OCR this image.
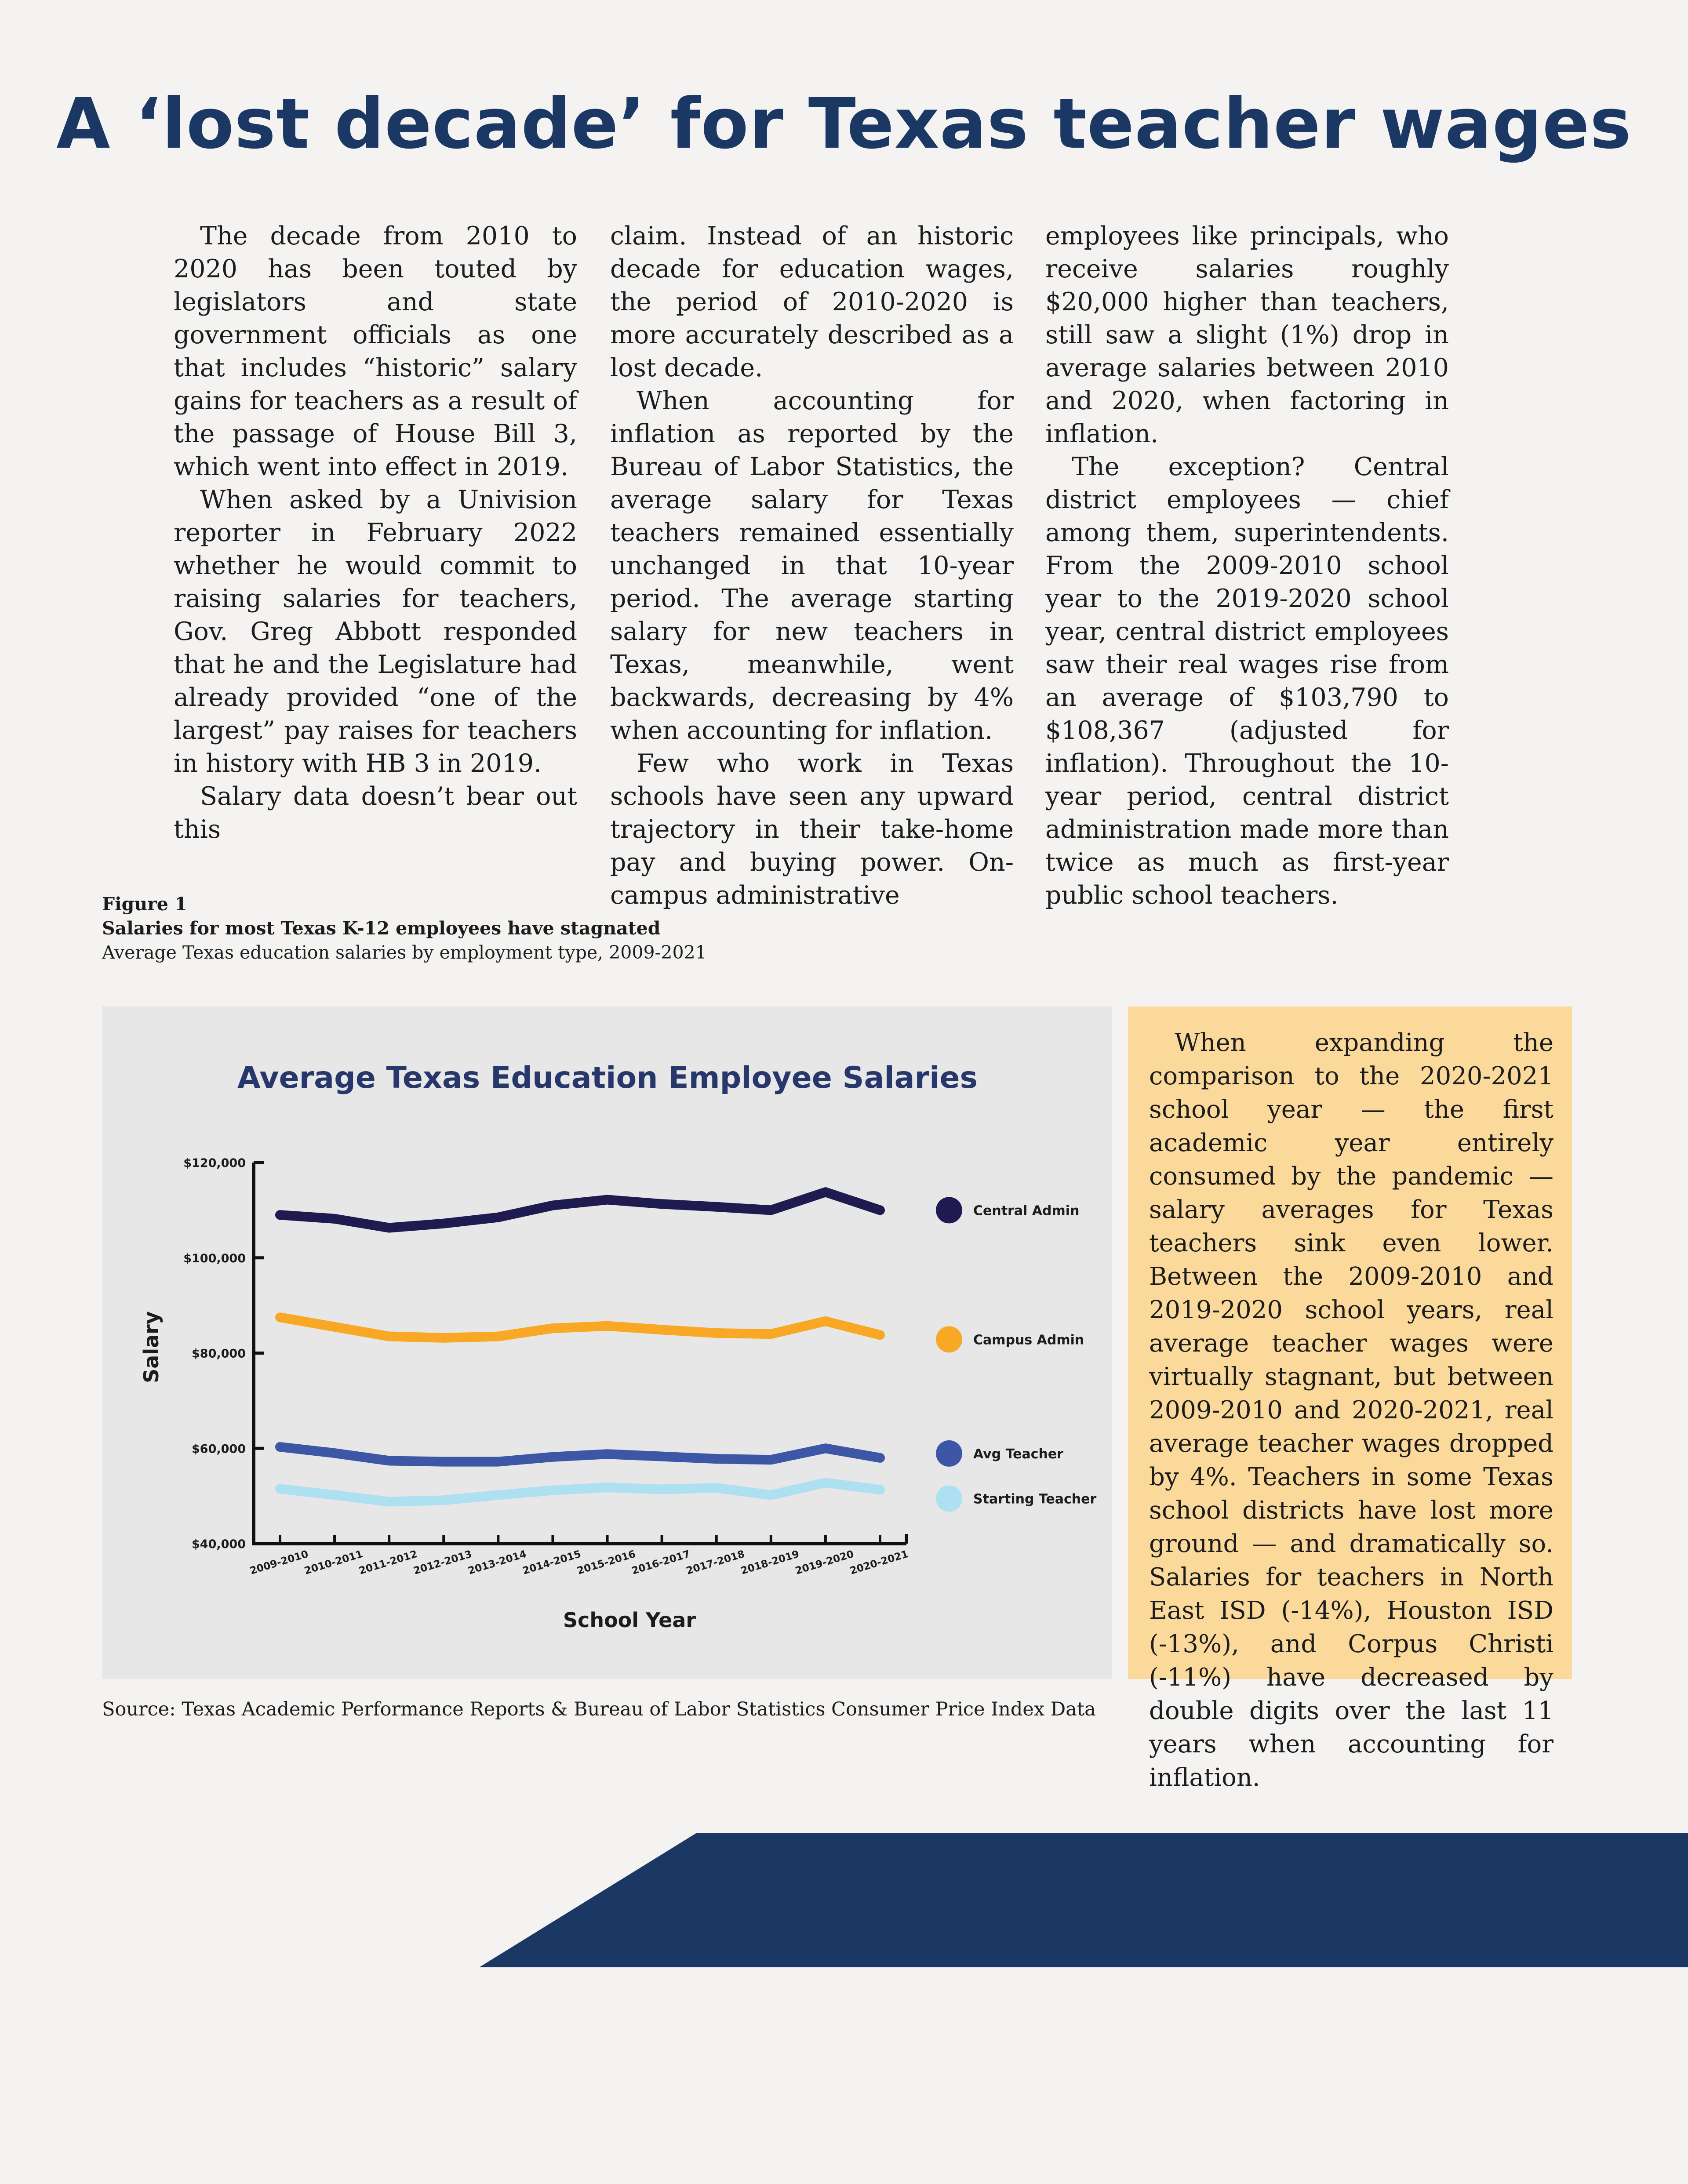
A ‘lost decade’ for Texas teacher wages

The decade from 2010 to 2020 has been touted by legislators and state government officials as one that includes “historic” salary gains for teachers as a result of the passage of House Bill 3, which went into effect in 2019.

When asked by a Univision reporter in February 2022 whether he would commit to raising salaries for teachers, Gov. Greg Abbott responded that he and the Legislature had already provided “one of the largest” pay raises for teachers in history with HB 3 in 2019.

Salary data doesn’t bear out this

claim. Instead of an historic decade for education wages, the period of 2010-2020 is more accurately described as a lost decade.

When accounting for inflation as reported by the Bureau of Labor Statistics, the average salary for Texas teachers remained essentially unchanged in that 10-year period. The average starting salary for new teachers in Texas, meanwhile, went backwards, decreasing by 4% when accounting for inflation.

Few who work in Texas schools have seen any upward trajectory in their take-home pay and buying power. On-campus administrative

employees like principals, who receive salaries roughly $20,000 higher than teachers, still saw a slight (1%) drop in average salaries between 2010 and 2020, when factoring in inflation.

The exception? Central district employees — chief among them, superintendents. From the 2009-2010 school year to the 2019-2020 school year, central district employees saw their real wages rise from an average of $103,790 to $108,367 (adjusted for inflation). Throughout the 10-year period, central district administration made more than twice as much as first-year public school teachers.

Figure 1
Salaries for most Texas K-12 employees have stagnated
Average Texas education salaries by employment type, 2009-2021
Average Texas Education Employee Salaries
$40,000
$60,000
$80,000
$100,000
$120,000
2009-2010
2010-2011
2011-2012
2012-2013
2013-2014
2014-2015
2015-2016
2016-2017
2017-2018
2018-2019
2019-2020
2020-2021
Central Admin
Campus Admin
Avg Teacher
Starting Teacher
School Year
Salary

When expanding the comparison to the 2020-2021 school year — the first academic year entirely consumed by the pandemic — salary averages for Texas teachers sink even lower. Between the 2009-2010 and 2019-2020 school years, real average teacher wages were virtually stagnant, but between 2009-2010 and 2020-2021, real average teacher wages dropped by 4%. Teachers in some Texas school districts have lost more ground — and dramatically so. Salaries for teachers in North East ISD (-14%), Houston ISD (-13%), and Corpus Christi (-11%) have decreased by double digits over the last 11 years when accounting for inflation.

Source: Texas Academic Performance Reports & Bureau of Labor Statistics Consumer Price Index Data
